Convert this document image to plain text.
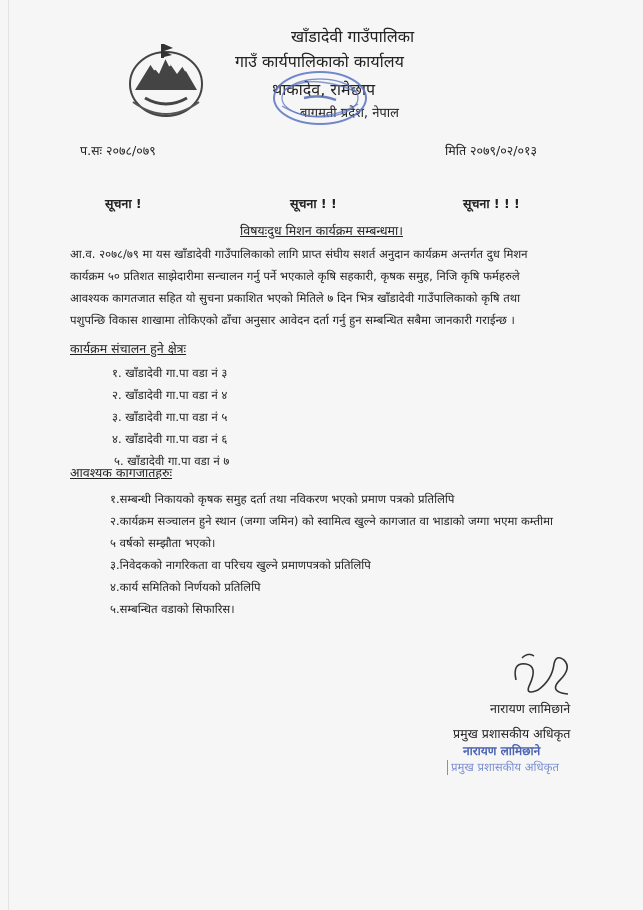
खाँडादेवी गाउँपालिका
गाउँ कार्यपालिकाको कार्यालय
थाकादेव, रामेछाप
बागमती प्रदेश, नेपाल
प.सः २०७८/०७९	मिति २०७९/०२/०१३
सूचना !	सूचना ! !	सूचना ! ! !
विषयःदुध मिशन कार्यक्रम सम्बन्धमा।
आ.व. २०७८/७९ मा यस खाँडादेवी गाउँपालिकाको लागि प्राप्त संघीय सशर्त अनुदान कार्यक्रम अन्तर्गत दुध मिशन
कार्यक्रम ५० प्रतिशत साझेदारीमा सन्चालन गर्नु पर्ने भएकाले कृषि सहकारी, कृषक समुह, निजि कृषि फर्महरुले
आवश्यक कागतजात सहित यो सुचना प्रकाशित भएको मितिले ७ दिन भित्र खाँडादेवी गाउँपालिकाको कृषि तथा
पशुपन्छि विकास शाखामा तोकिएको ढाँचा अनुसार आवेदन दर्ता गर्नु हुन सम्बन्धित सबैमा जानकारी गराईन्छ ।
कार्यक्रम संचालन हुने क्षेत्रः
१. खाँडादेवी गा.पा वडा नं ३
२. खाँडादेवी गा.पा वडा नं ४
३. खाँडादेवी गा.पा वडा नं ५
४. खाँडादेवी गा.पा वडा नं ६
५. खाँडादेवी गा.पा वडा नं ७
आवश्यक कागजातहरुः
१.सम्बन्धी निकायको कृषक समुह दर्ता तथा नविकरण भएको प्रमाण पत्रको प्रतिलिपि
२.कार्यक्रम सञ्चालन हुने स्थान (जग्गा जमिन) को स्वामित्व खुल्ने कागजात वा भाडाको जग्गा भएमा कम्तीमा
५ वर्षको सम्झौता भएको।
३.निवेदकको नागरिकता वा परिचय खुल्ने प्रमाणपत्रको प्रतिलिपि
४.कार्य समितिको निर्णयको प्रतिलिपि
५.सम्बन्धित वडाको सिफारिस।
नारायण लामिछाने
प्रमुख प्रशासकीय अधिकृत
नारायण लामिछाने
प्रमुख प्रशासकीय अधिकृत
